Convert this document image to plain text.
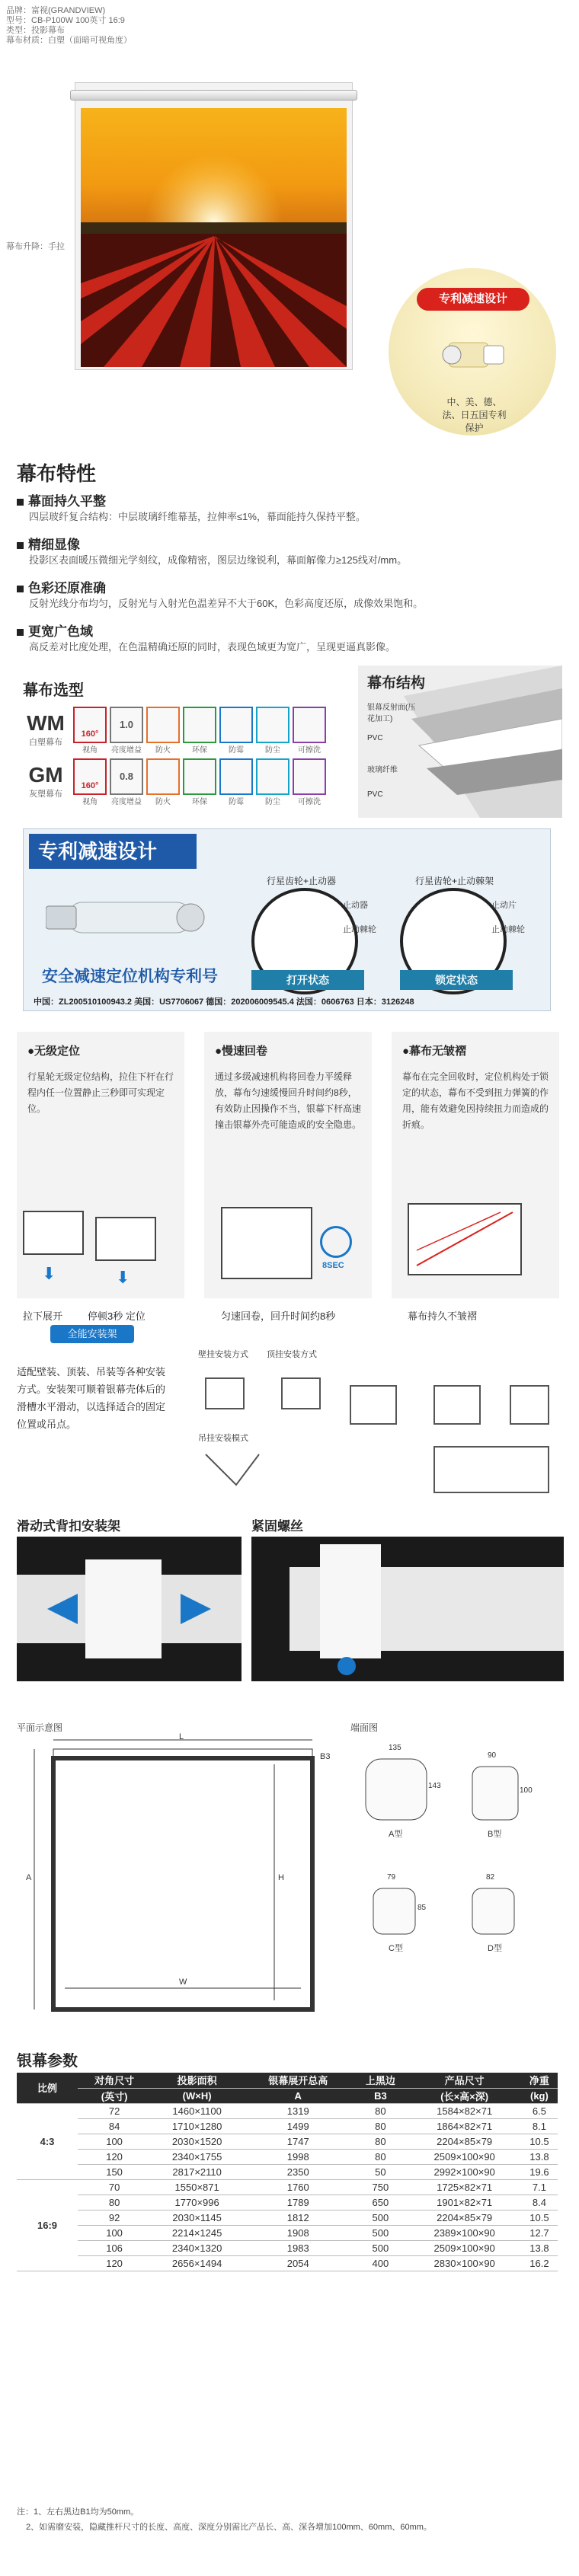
品牌：富视(GRANDVIEW)
型号：CB-P100W 100英寸 16:9
类型：投影幕布
幕布材质：白塑（面暗可视角度）
幕布升降：手拉
专利减速设计
中、美、德、法、日五国专利保护
幕布特性
幕面持久平整
四层玻纤复合结构：中层玻璃纤维幕基，拉伸率≤1%，幕面能持久保持平整。
精细显像
投影区表面暖压微细光学刻纹，成像精密，图层边缘锐利，幕面解像力≥125线对/mm。
色彩还原准确
反射光线分布均匀，反射光与入射光色温差异不大于60K，色彩高度还原，成像效果饱和。
更宽广色域
高反差对比度处理，在色温精确还原的同时，表现色域更为宽广，呈现更逼真影像。
幕布选型
WM
白塑幕布
160°
视角
1.0
亮度增益	防火	环保	防霉	防尘	可擦洗
GM
灰塑幕布
160°
视角
0.8
亮度增益	防火	环保	防霉	防尘	可擦洗
幕布结构
银幕反射面(压花加工)
PVC
玻璃纤维
PVC
专利减速设计
安全减速定位机构专利号
行星齿轮+止动器	行星齿轮+止动棘架
止动器
止动棘轮
止动片
止动棘轮
打开状态	锁定状态
中国：ZL200510100943.2 美国：US7706067 德国：202006009545.4 法国：0606763 日本：3126248
●无级定位
行星轮无级定位结构，拉住下杆在行程内任一位置静止三秒即可实现定位。
●慢速回卷
通过多级减速机构将回卷力平缓释放，幕布匀速缓慢回升时间约8秒，有效防止因操作不当，银幕下杆高速撞击银幕外壳可能造成的安全隐患。
●幕布无皱褶
幕布在完全回收时，定位机构处于锁定的状态，幕布不受到扭力弹簧的作用，能有效避免因持续扭力而造成的折痕。
⬇	⬇
8SEC
拉下展开	停顿3秒 定位	匀速回卷，回升时间约8秒	幕布持久不皱褶
全能安装架
适配壁装、顶装、吊装等各种安装方式。安装架可顺着银幕壳体后的滑槽水平滑动，以选择适合的固定位置或吊点。
壁挂安装方式 顶挂安装方式
吊挂安装模式
滑动式背扣安装架	紧固螺丝
平面示意图	端面图
L
B3
A	H
W
135
143
90
100
79
85
82
A型	B型
C型	D型
银幕参数
比例	对角尺寸	投影面积	银幕展开总高	上黑边	产品尺寸	净重
	(英寸)	(W×H)	A	B3	(长×高×深)	(kg)
4:3	72	1460×1100	1319	80	1584×82×71	6.5
	84	1710×1280	1499	80	1864×82×71	8.1
	100	2030×1520	1747	80	2204×85×79	10.5
	120	2340×1755	1998	80	2509×100×90	13.8
	150	2817×2110	2350	50	2992×100×90	19.6
16:9	70	1550×871	1760	750	1725×82×71	7.1
	80	1770×996	1789	650	1901×82×71	8.4
	92	2030×1145	1812	500	2204×85×79	10.5
	100	2214×1245	1908	500	2389×100×90	12.7
	106	2340×1320	1983	500	2509×100×90	13.8
	120	2656×1494	2054	400	2830×100×90	16.2
注：1、左右黑边B1均为50mm。
2、如需磨安装，隐藏推杆尺寸的长度、高度、深度分别需比产品长、高、深各增加100mm、60mm、60mm。
